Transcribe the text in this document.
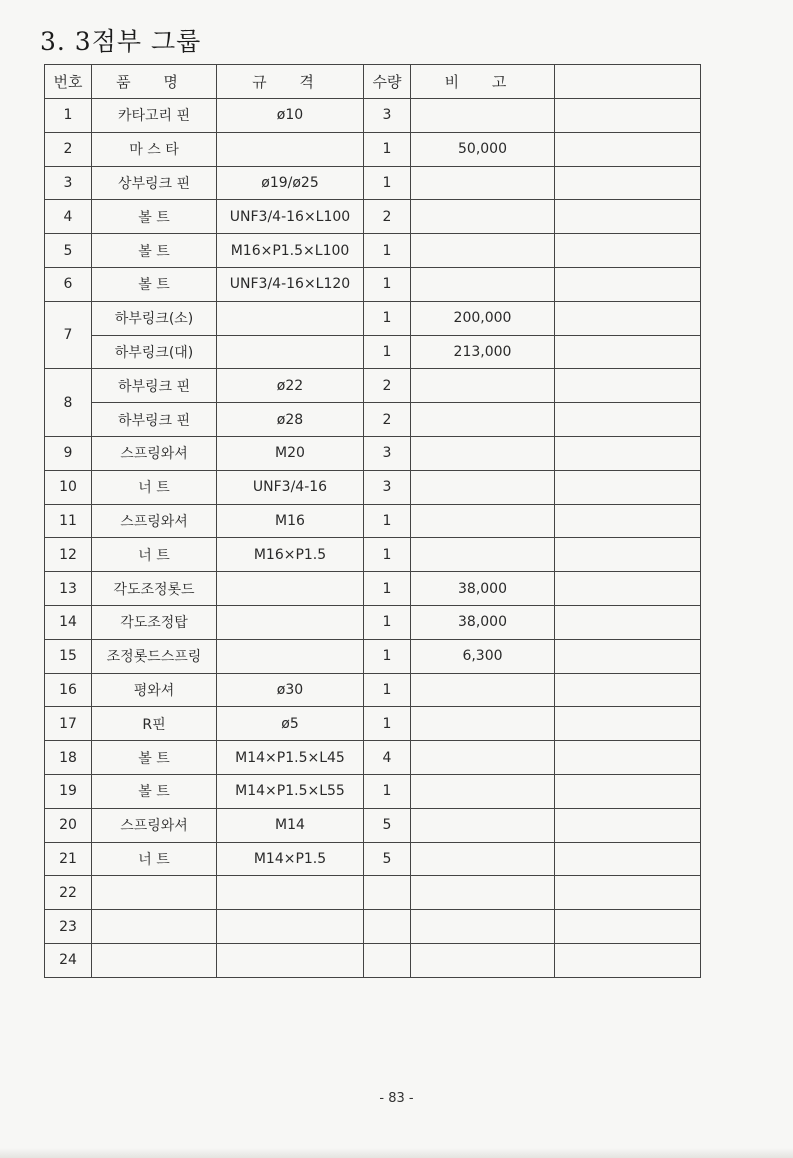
3. 3점부 그룹
번호	품 명	규 격	수량	비 고	
1	카타고리 핀	ø10	3		
2	마 스 타		1	50,000	
3	상부링크 핀	ø19/ø25	1		
4	볼 트	UNF3/4-16×L100	2		
5	볼 트	M16×P1.5×L100	1		
6	볼 트	UNF3/4-16×L120	1		
7	하부링크(소)		1	200,000	
	하부링크(대)		1	213,000	
8	하부링크 핀	ø22	2		
	하부링크 핀	ø28	2		
9	스프링와셔	M20	3		
10	너 트	UNF3/4-16	3		
11	스프링와셔	M16	1		
12	너 트	M16×P1.5	1		
13	각도조정롯드		1	38,000	
14	각도조정탑		1	38,000	
15	조정롯드스프링		1	6,300	
16	평와셔	ø30	1		
17	R핀	ø5	1		
18	볼 트	M14×P1.5×L45	4		
19	볼 트	M14×P1.5×L55	1		
20	스프링와셔	M14	5		
21	너 트	M14×P1.5	5		
22					
23					
24					
- 83 -
